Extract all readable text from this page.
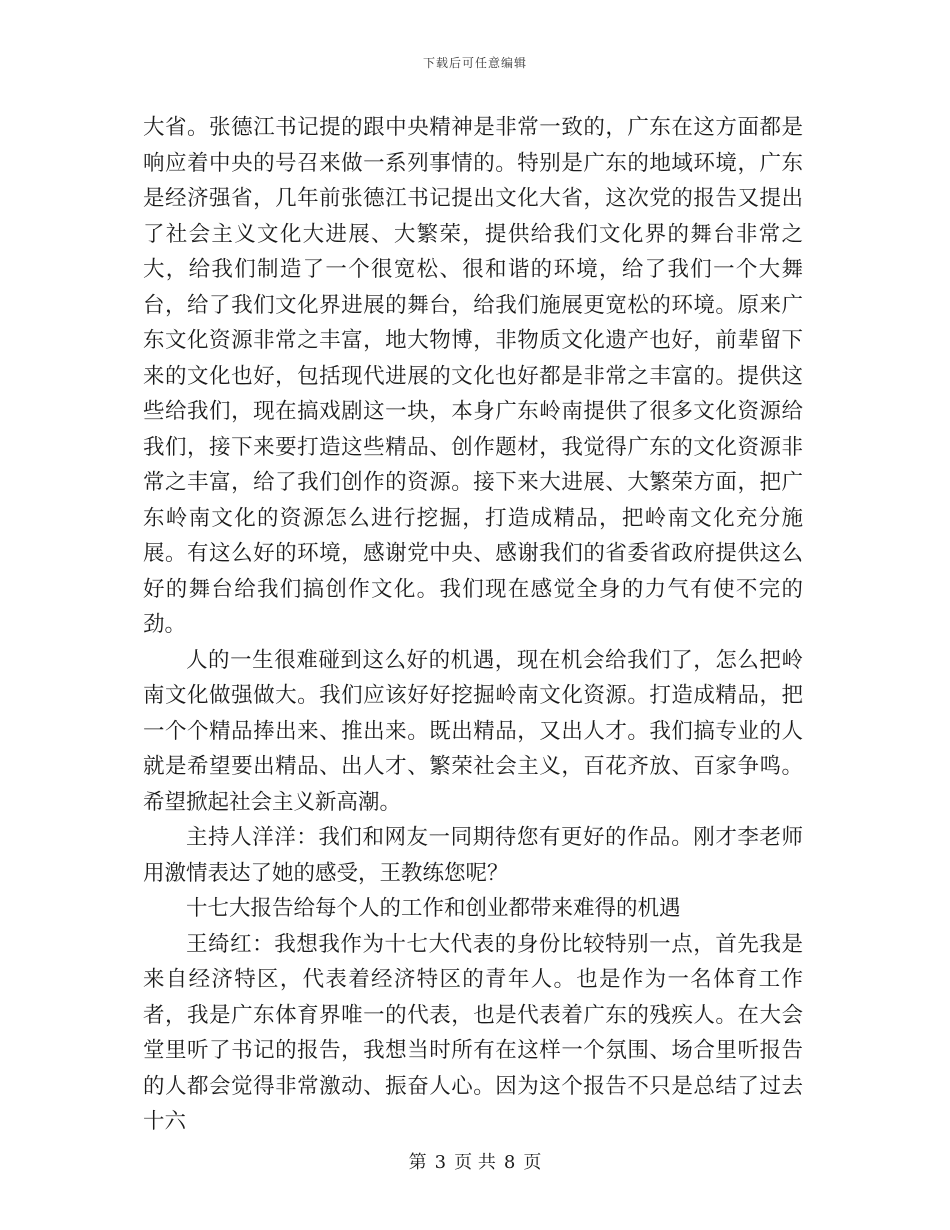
下载后可任意编辑

大省。张德江书记提的跟中央精神是非常一致的，广东在这方面都是响应着中央的号召来做一系列事情的。特别是广东的地域环境，广东是经济强省，几年前张德江书记提出文化大省，这次党的报告又提出了社会主义文化大进展、大繁荣，提供给我们文化界的舞台非常之大，给我们制造了一个很宽松、很和谐的环境，给了我们一个大舞台，给了我们文化界进展的舞台，给我们施展更宽松的环境。原来广东文化资源非常之丰富，地大物博，非物质文化遗产也好，前辈留下来的文化也好，包括现代进展的文化也好都是非常之丰富的。提供这些给我们，现在搞戏剧这一块，本身广东岭南提供了很多文化资源给我们，接下来要打造这些精品、创作题材，我觉得广东的文化资源非常之丰富，给了我们创作的资源。接下来大进展、大繁荣方面，把广东岭南文化的资源怎么进行挖掘，打造成精品，把岭南文化充分施展。有这么好的环境，感谢党中央、感谢我们的省委省政府提供这么好的舞台给我们搞创作文化。我们现在感觉全身的力气有使不完的劲。

人的一生很难碰到这么好的机遇，现在机会给我们了，怎么把岭南文化做强做大。我们应该好好挖掘岭南文化资源。打造成精品，把一个个精品捧出来、推出来。既出精品，又出人才。我们搞专业的人就是希望要出精品、出人才、繁荣社会主义，百花齐放、百家争鸣。希望掀起社会主义新高潮。

主持人洋洋：我们和网友一同期待您有更好的作品。刚才李老师用激情表达了她的感受，王教练您呢？

十七大报告给每个人的工作和创业都带来难得的机遇

王绮红：我想我作为十七大代表的身份比较特别一点，首先我是来自经济特区，代表着经济特区的青年人。也是作为一名体育工作者，我是广东体育界唯一的代表，也是代表着广东的残疾人。在大会堂里听了书记的报告，我想当时所有在这样一个氛围、场合里听报告的人都会觉得非常激动、振奋人心。因为这个报告不只是总结了过去十六

第 3 页 共 8 页
